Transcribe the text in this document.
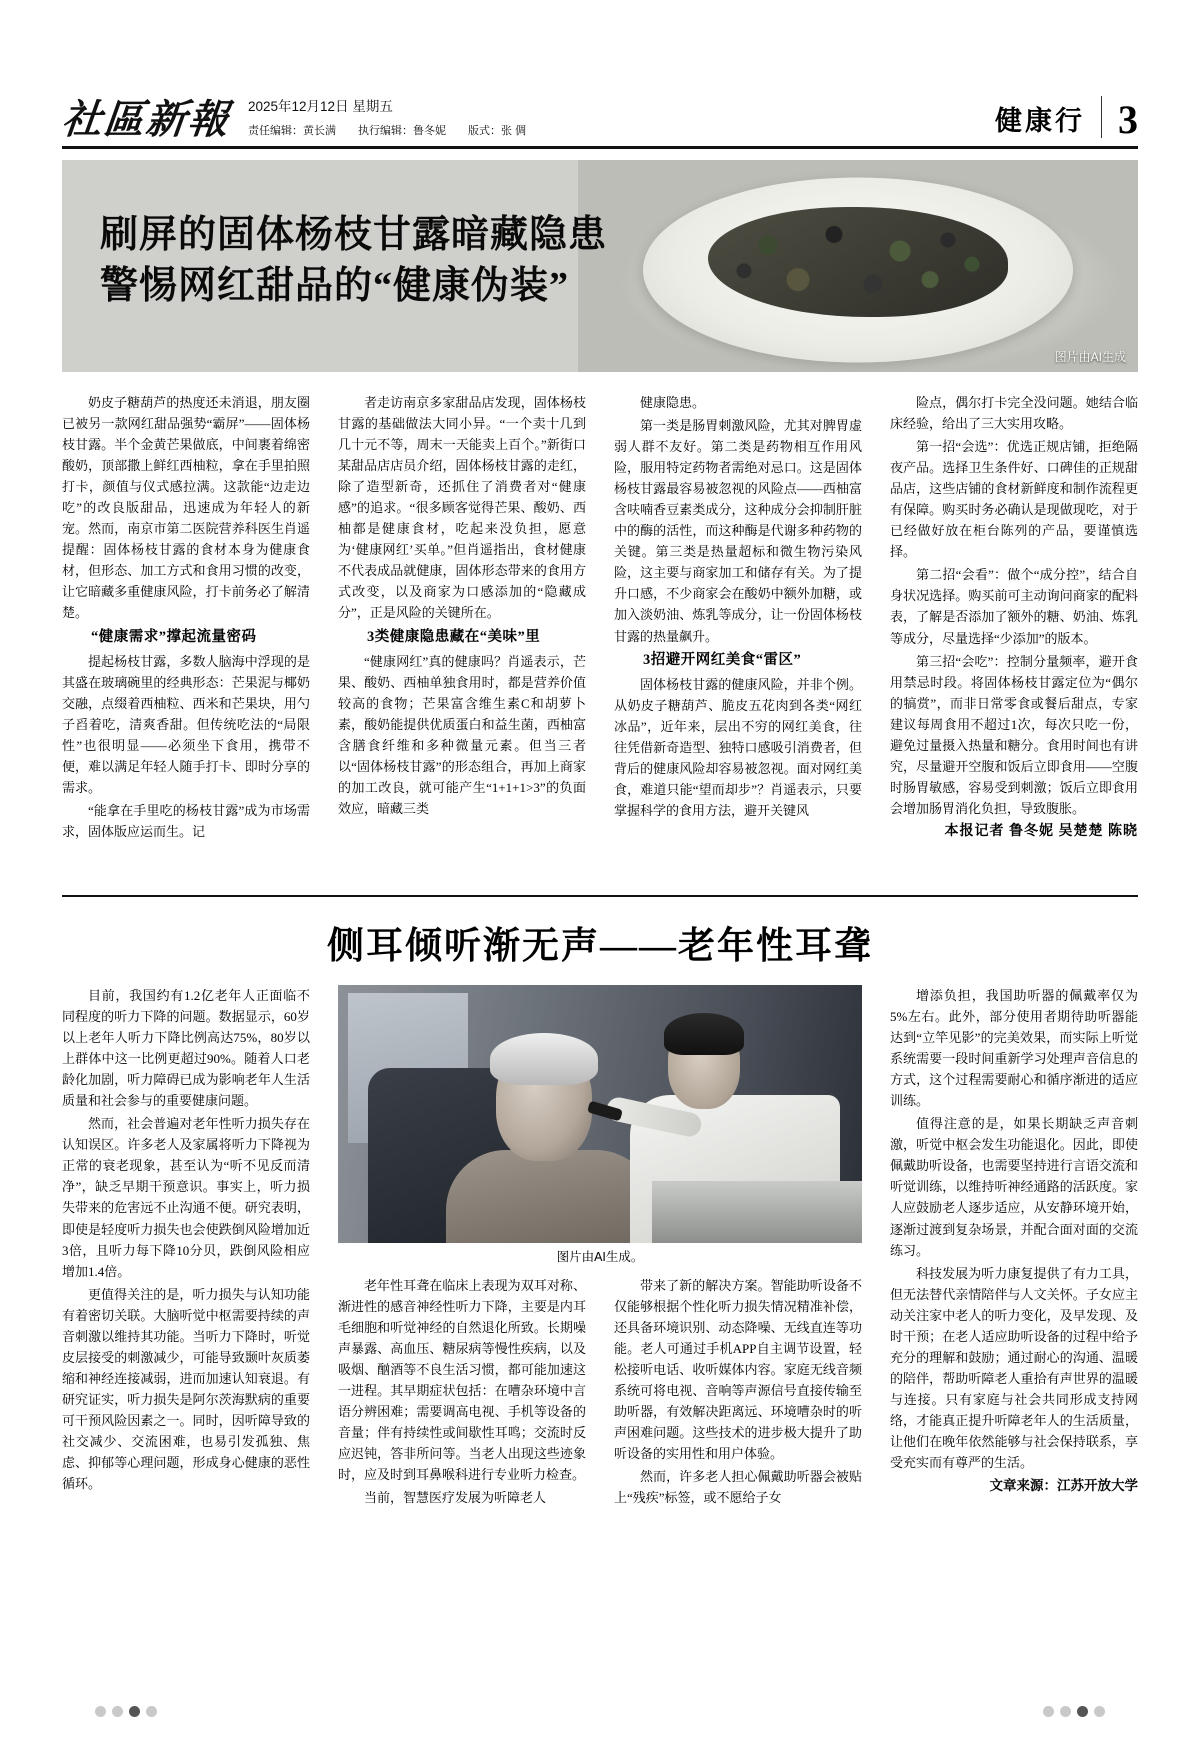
社區新報 2025年12月12日 星期五
责任编辑：黄长满 执行编辑：鲁冬妮 版式：张 倜	健康行 3
图片由AI生成
刷屏的固体杨枝甘露暗藏隐患
警惕网红甜品的“健康伪装”

奶皮子糖葫芦的热度还未消退，朋友圈已被另一款网红甜品强势“霸屏”——固体杨枝甘露。半个金黄芒果做底，中间裹着绵密酸奶，顶部撒上鲜红西柚粒，拿在手里拍照打卡，颜值与仪式感拉满。这款能“边走边吃”的改良版甜品，迅速成为年轻人的新宠。然而，南京市第二医院营养科医生肖遥提醒：固体杨枝甘露的食材本身为健康食材，但形态、加工方式和食用习惯的改变，让它暗藏多重健康风险，打卡前务必了解清楚。

“健康需求”撑起流量密码

提起杨枝甘露，多数人脑海中浮现的是其盛在玻璃碗里的经典形态：芒果泥与椰奶交融，点缀着西柚粒、西米和芒果块，用勺子舀着吃，清爽香甜。但传统吃法的“局限性”也很明显——必须坐下食用，携带不便，难以满足年轻人随手打卡、即时分享的需求。

“能拿在手里吃的杨枝甘露”成为市场需求，固体版应运而生。记

者走访南京多家甜品店发现，固体杨枝甘露的基础做法大同小异。“一个卖十几到几十元不等，周末一天能卖上百个。”新街口某甜品店店员介绍，固体杨枝甘露的走红，除了造型新奇，还抓住了消费者对“健康感”的追求。“很多顾客觉得芒果、酸奶、西柚都是健康食材，吃起来没负担，愿意为‘健康网红’买单。”但肖遥指出，食材健康不代表成品就健康，固体形态带来的食用方式改变，以及商家为口感添加的“隐藏成分”，正是风险的关键所在。

3类健康隐患藏在“美味”里

“健康网红”真的健康吗？肖遥表示，芒果、酸奶、西柚单独食用时，都是营养价值较高的食物；芒果富含维生素C和胡萝卜素，酸奶能提供优质蛋白和益生菌，西柚富含膳食纤维和多种微量元素。但当三者以“固体杨枝甘露”的形态组合，再加上商家的加工改良，就可能产生“1+1+1>3”的负面效应，暗藏三类

健康隐患。

第一类是肠胃刺激风险，尤其对脾胃虚弱人群不友好。第二类是药物相互作用风险，服用特定药物者需绝对忌口。这是固体杨枝甘露最容易被忽视的风险点——西柚富含呋喃香豆素类成分，这种成分会抑制肝脏中的酶的活性，而这种酶是代谢多种药物的关键。第三类是热量超标和微生物污染风险，这主要与商家加工和储存有关。为了提升口感，不少商家会在酸奶中额外加糖，或加入淡奶油、炼乳等成分，让一份固体杨枝甘露的热量飙升。

3招避开网红美食“雷区”

固体杨枝甘露的健康风险，并非个例。从奶皮子糖葫芦、脆皮五花肉到各类“网红冰品”，近年来，层出不穷的网红美食，往往凭借新奇造型、独特口感吸引消费者，但背后的健康风险却容易被忽视。面对网红美食，难道只能“望而却步”？肖遥表示，只要掌握科学的食用方法，避开关键风

险点，偶尔打卡完全没问题。她结合临床经验，给出了三大实用攻略。

第一招“会选”：优选正规店铺，拒绝隔夜产品。选择卫生条件好、口碑佳的正规甜品店，这些店铺的食材新鲜度和制作流程更有保障。购买时务必确认是现做现吃，对于已经做好放在柜台陈列的产品，要谨慎选择。

第二招“会看”：做个“成分控”，结合自身状况选择。购买前可主动询问商家的配料表，了解是否添加了额外的糖、奶油、炼乳等成分，尽量选择“少添加”的版本。

第三招“会吃”：控制分量频率，避开食用禁忌时段。将固体杨枝甘露定位为“偶尔的犒赏”，而非日常零食或餐后甜点，专家建议每周食用不超过1次，每次只吃一份，避免过量摄入热量和糖分。食用时间也有讲究，尽量避开空腹和饭后立即食用——空腹时肠胃敏感，容易受到刺激；饭后立即食用会增加肠胃消化负担，导致腹胀。

本报记者 鲁冬妮 吴楚楚 陈晓

侧耳倾听渐无声——老年性耳聋

目前，我国约有1.2亿老年人正面临不同程度的听力下降的问题。数据显示，60岁以上老年人听力下降比例高达75%，80岁以上群体中这一比例更超过90%。随着人口老龄化加剧，听力障碍已成为影响老年人生活质量和社会参与的重要健康问题。

然而，社会普遍对老年性听力损失存在认知误区。许多老人及家属将听力下降视为正常的衰老现象，甚至认为“听不见反而清净”，缺乏早期干预意识。事实上，听力损失带来的危害远不止沟通不便。研究表明，即使是轻度听力损失也会使跌倒风险增加近3倍，且听力每下降10分贝，跌倒风险相应增加1.4倍。

更值得关注的是，听力损失与认知功能有着密切关联。大脑听觉中枢需要持续的声音刺激以维持其功能。当听力下降时，听觉皮层接受的刺激减少，可能导致颞叶灰质萎缩和神经连接减弱，进而加速认知衰退。有研究证实，听力损失是阿尔茨海默病的重要可干预风险因素之一。同时，因听障导致的社交减少、交流困难，也易引发孤独、焦虑、抑郁等心理问题，形成身心健康的恶性循环。

图片由AI生成。

老年性耳聋在临床上表现为双耳对称、渐进性的感音神经性听力下降，主要是内耳毛细胞和听觉神经的自然退化所致。长期噪声暴露、高血压、糖尿病等慢性疾病，以及吸烟、酗酒等不良生活习惯，都可能加速这一进程。其早期症状包括：在嘈杂环境中言语分辨困难；需要调高电视、手机等设备的音量；伴有持续性或间歇性耳鸣；交流时反应迟钝，答非所问等。当老人出现这些迹象时，应及时到耳鼻喉科进行专业听力检查。

当前，智慧医疗发展为听障老人

带来了新的解决方案。智能助听设备不仅能够根据个性化听力损失情况精准补偿，还具备环境识别、动态降噪、无线直连等功能。老人可通过手机APP自主调节设置，轻松接听电话、收听媒体内容。家庭无线音频系统可将电视、音响等声源信号直接传输至助听器，有效解决距离远、环境嘈杂时的听声困难问题。这些技术的进步极大提升了助听设备的实用性和用户体验。

然而，许多老人担心佩戴助听器会被贴上“残疾”标签，或不愿给子女

增添负担，我国助听器的佩戴率仅为5%左右。此外，部分使用者期待助听器能达到“立竿见影”的完美效果，而实际上听觉系统需要一段时间重新学习处理声音信息的方式，这个过程需要耐心和循序渐进的适应训练。

值得注意的是，如果长期缺乏声音刺激，听觉中枢会发生功能退化。因此，即使佩戴助听设备，也需要坚持进行言语交流和听觉训练，以维持听神经通路的活跃度。家人应鼓励老人逐步适应，从安静环境开始，逐渐过渡到复杂场景，并配合面对面的交流练习。

科技发展为听力康复提供了有力工具，但无法替代亲情陪伴与人文关怀。子女应主动关注家中老人的听力变化，及早发现、及时干预；在老人适应助听设备的过程中给予充分的理解和鼓励；通过耐心的沟通、温暖的陪伴，帮助听障老人重拾有声世界的温暖与连接。只有家庭与社会共同形成支持网络，才能真正提升听障老年人的生活质量，让他们在晚年依然能够与社会保持联系，享受充实而有尊严的生活。

文章来源：江苏开放大学
